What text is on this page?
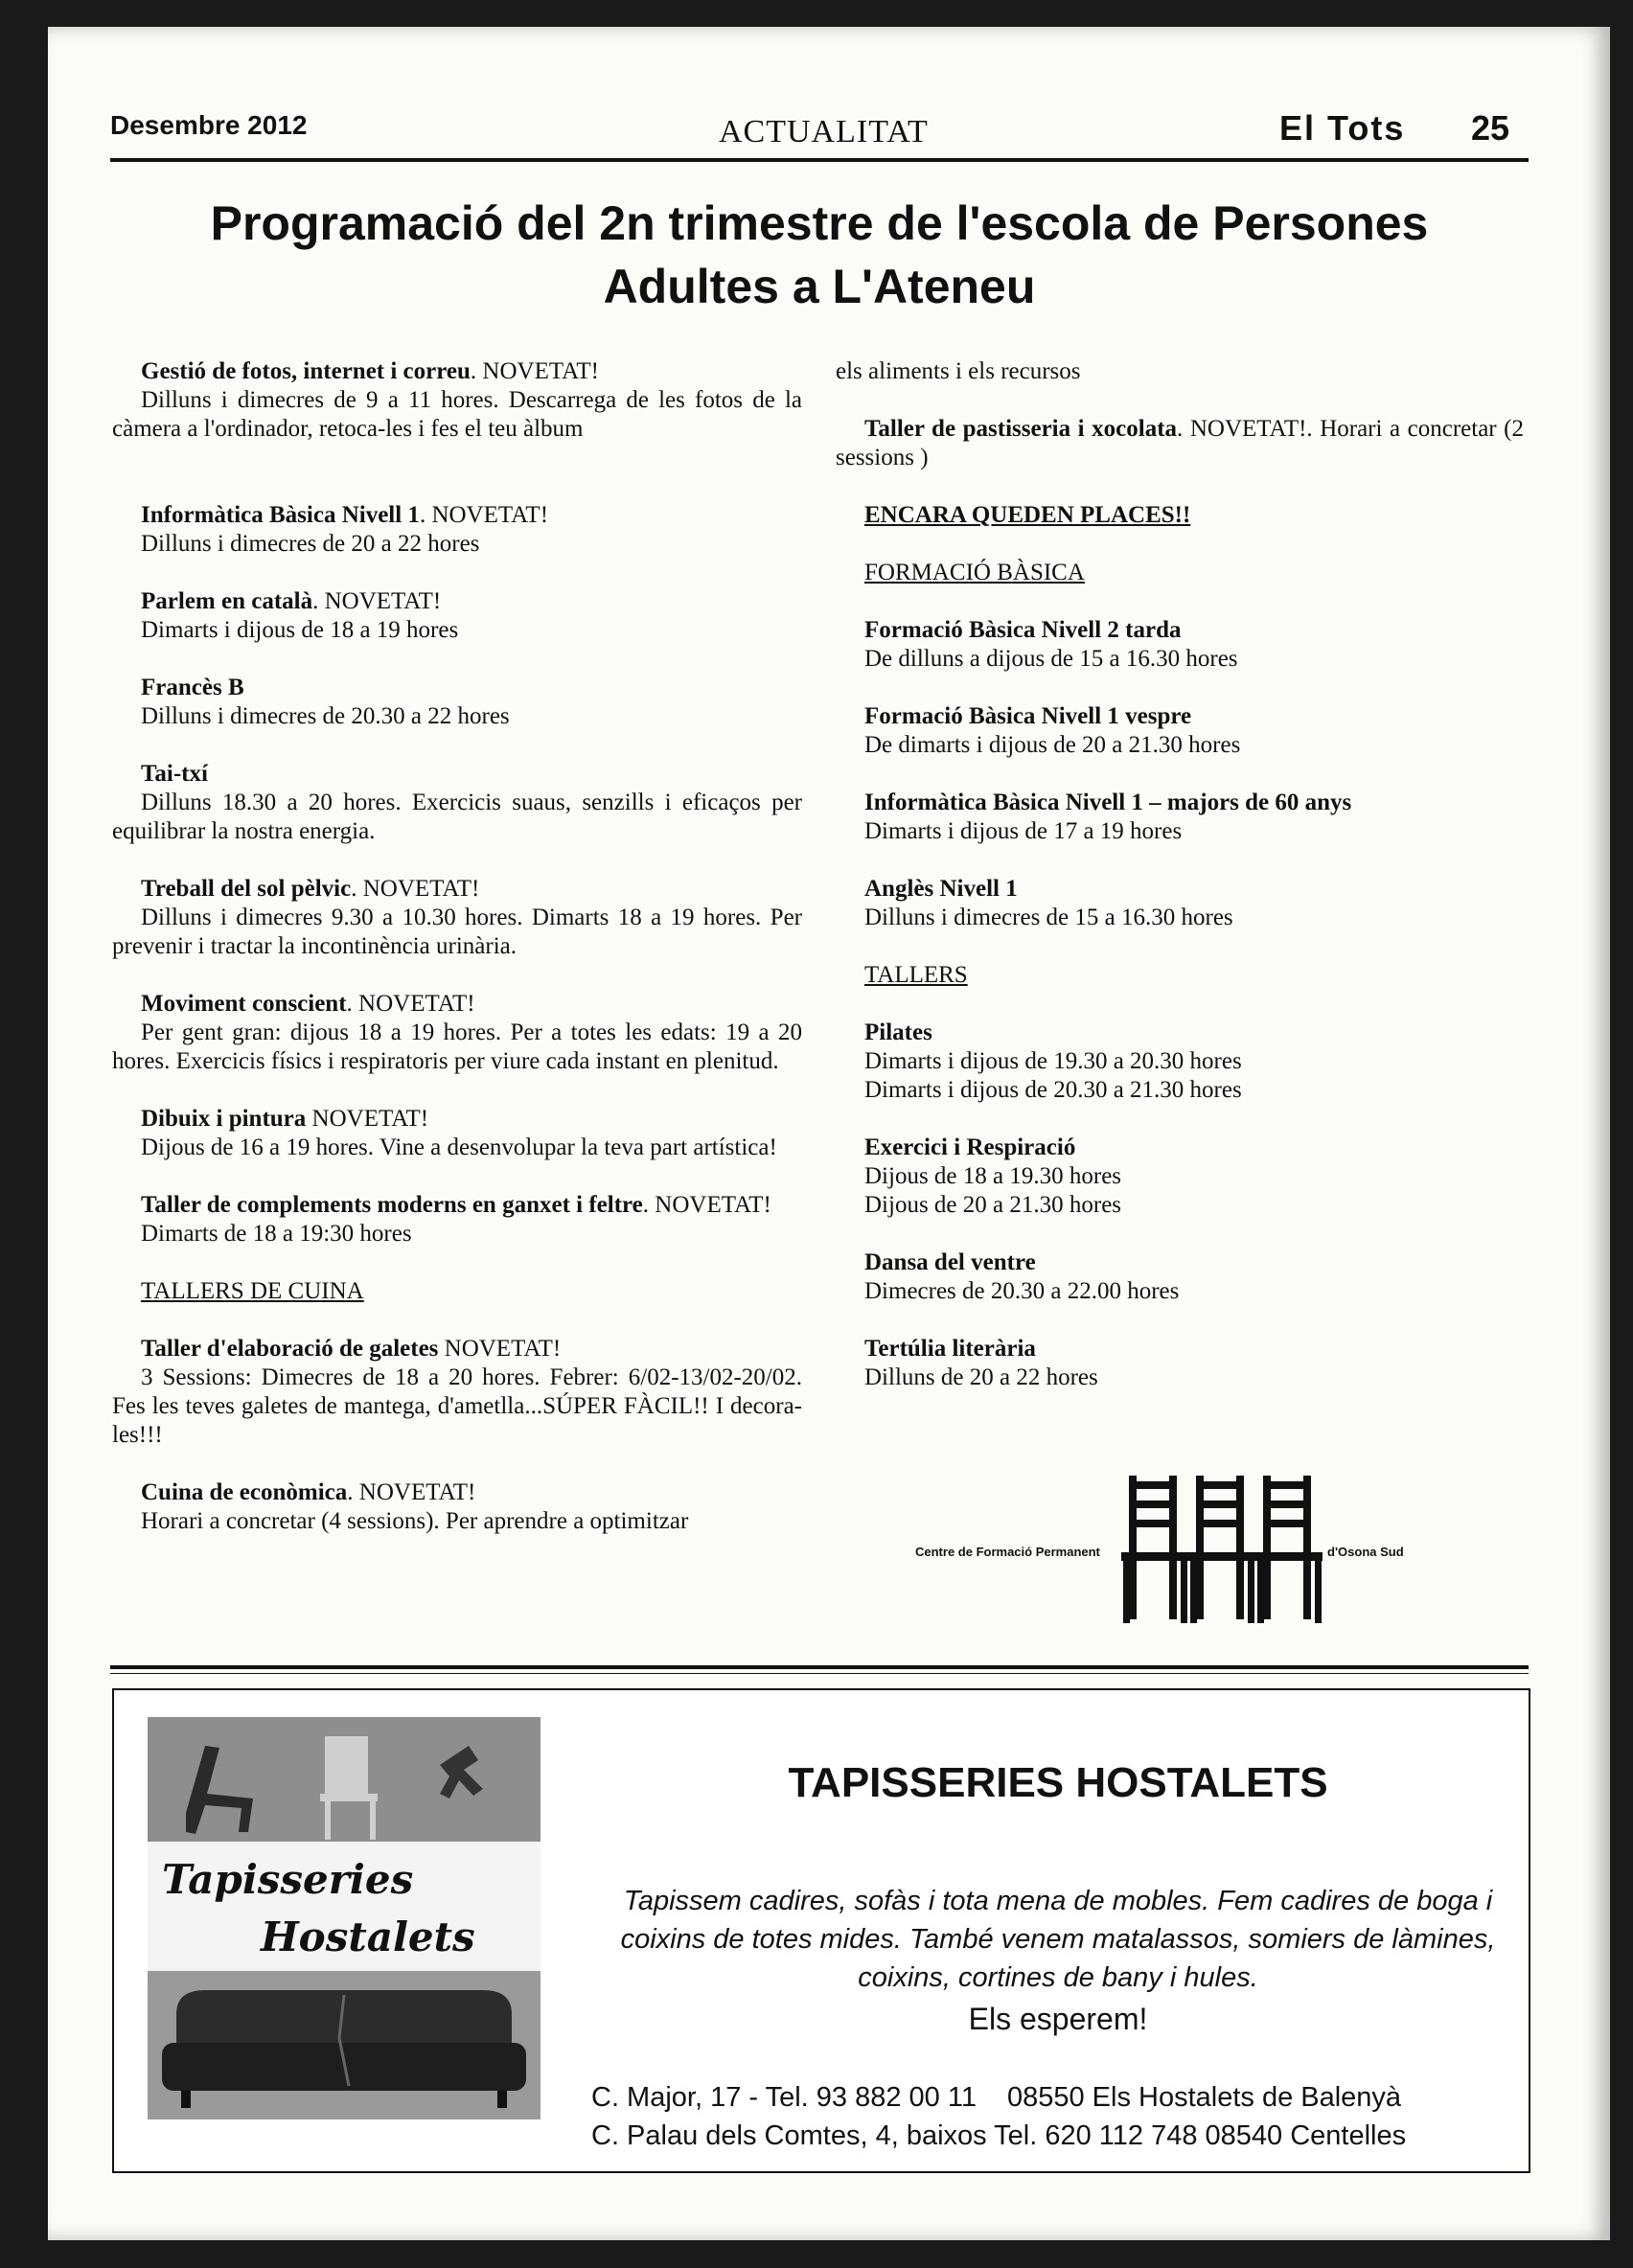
Desembre 2012	ACTUALITAT	El Tots 25
Programació del 2n trimestre de l'escola de Persones
Adultes a L'Ateneu
Gestió de fotos, internet i correu. NOVETAT!
Dilluns i dimecres de 9 a 11 hores. Descarrega de les fotos de la càmera a l'ordinador, retoca-les i fes el teu àlbum
Informàtica Bàsica Nivell 1. NOVETAT!
Dilluns i dimecres de 20 a 22 hores
Parlem en català. NOVETAT!
Dimarts i dijous de 18 a 19 hores
Francès B
Dilluns i dimecres de 20.30 a 22 hores
Tai-txí
Dilluns 18.30 a 20 hores. Exercicis suaus, senzills i eficaços per equilibrar la nostra energia.
Treball del sol pèlvic. NOVETAT!
Dilluns i dimecres 9.30 a 10.30 hores. Dimarts 18 a 19 hores. Per prevenir i tractar la incontinència urinària.
Moviment conscient. NOVETAT!
Per gent gran: dijous 18 a 19 hores. Per a totes les edats: 19 a 20 hores. Exercicis físics i respiratoris per viure cada instant en plenitud.
Dibuix i pintura NOVETAT!
Dijous de 16 a 19 hores. Vine a desenvolupar la teva part artística!
Taller de complements moderns en ganxet i feltre. NOVETAT!
Dimarts de 18 a 19:30 hores
TALLERS DE CUINA
Taller d'elaboració de galetes NOVETAT!
3 Sessions: Dimecres de 18 a 20 hores. Febrer: 6/02-13/02-20/02. Fes les teves galetes de mantega, d'ametlla...SÚPER FÀCIL!! I decora-les!!!
Cuina de econòmica. NOVETAT!
Horari a concretar (4 sessions). Per aprendre a optimitzar
els aliments i els recursos
Taller de pastisseria i xocolata. NOVETAT!. Horari a concretar (2 sessions )
ENCARA QUEDEN PLACES!!
FORMACIÓ BÀSICA
Formació Bàsica Nivell 2 tarda
De dilluns a dijous de 15 a 16.30 hores
Formació Bàsica Nivell 1 vespre
De dimarts i dijous de 20 a 21.30 hores
Informàtica Bàsica Nivell 1 – majors de 60 anys
Dimarts i dijous de 17 a 19 hores
Anglès Nivell 1
Dilluns i dimecres de 15 a 16.30 hores
TALLERS
Pilates
Dimarts i dijous de 19.30 a 20.30 hores
Dimarts i dijous de 20.30 a 21.30 hores
Exercici i Respiració
Dijous de 18 a 19.30 hores
Dijous de 20 a 21.30 hores
Dansa del ventre
Dimecres de 20.30 a 22.00 hores
Tertúlia literària
Dilluns de 20 a 22 hores
Centre de Formació Permanent	d'Osona Sud
Tapisseries
Hostalets
TAPISSERIES HOSTALETS
Tapissem cadires, sofàs i tota mena de mobles. Fem cadires de boga i coixins de totes mides. També venem matalassos, somiers de làmines, coixins, cortines de bany i hules.
Els esperem!
C. Major, 17 - Tel. 93 882 00 11 08550 Els Hostalets de Balenyà
C. Palau dels Comtes, 4, baixos Tel. 620 112 748 08540 Centelles
